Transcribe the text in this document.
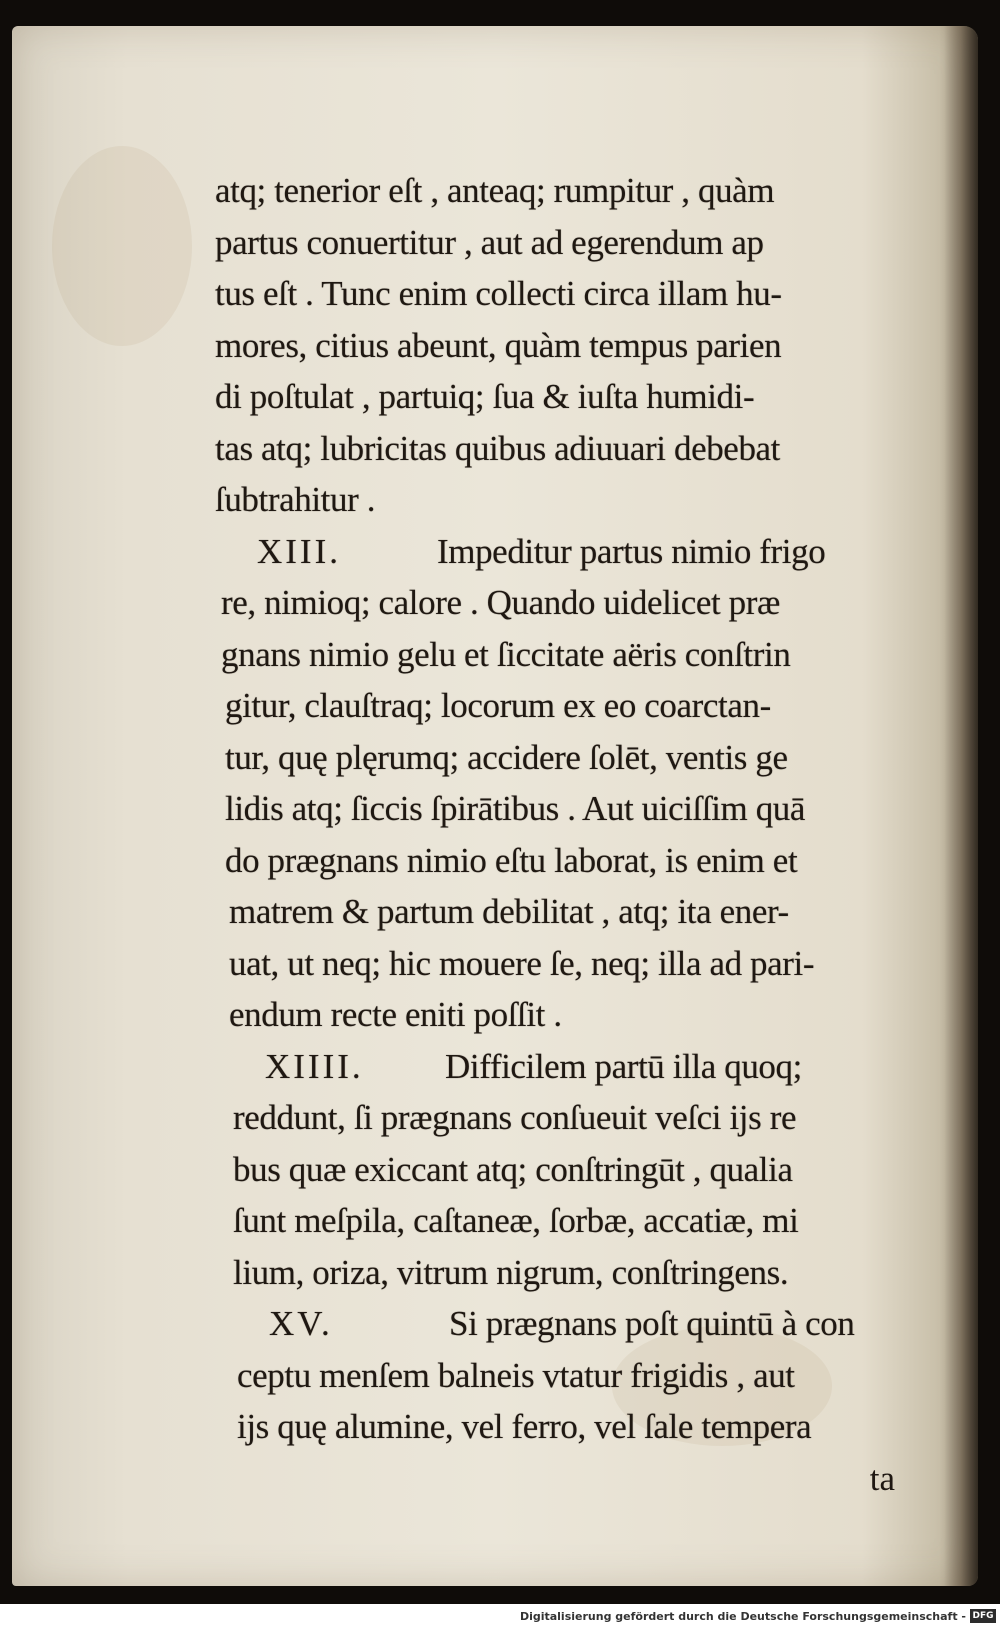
atq; tenerior eſt , anteaq; rumpitur , quàm
partus conuertitur , aut ad egerendum ap
tus eſt . Tunc enim collecti circa illam hu-
mores, citius abeunt, quàm tempus parien
di poſtulat , partuiq; ſua & iuſta humidi-
tas atq; lubricitas quibus adiuuari debebat
ſubtrahitur .
XIII.	Impeditur partus nimio frigo
re, nimioq; calore . Quando uidelicet præ
gnans nimio gelu et ſiccitate aëris conſtrin
gitur, clauſtraq; locorum ex eo coarctan-
tur, quę plęrumq; accidere ſolēt, ventis ge
lidis atq; ſiccis ſpirātibus . Aut uiciſſim quā
do prægnans nimio eſtu laborat, is enim et
matrem & partum debilitat , atq; ita ener-
uat, ut neq; hic mouere ſe, neq; illa ad pari-
endum recte eniti poſſit .
XIIII. Difficilem partū illa quoq;
reddunt, ſi prægnans conſueuit veſci ijs re
bus quæ exiccant atq; conſtringūt , qualia
ſunt meſpila, caſtaneæ, ſorbæ, accatiæ, mi
lium, oriza, vitrum nigrum, conſtringens.
XV.	Si prægnans poſt quintū à con
ceptu menſem balneis vtatur frigidis , aut
ijs quę alumine, vel ferro, vel ſale tempera
ta
Digitalisierung gefördert durch die Deutsche Forschungsgemeinschaft - DFG
